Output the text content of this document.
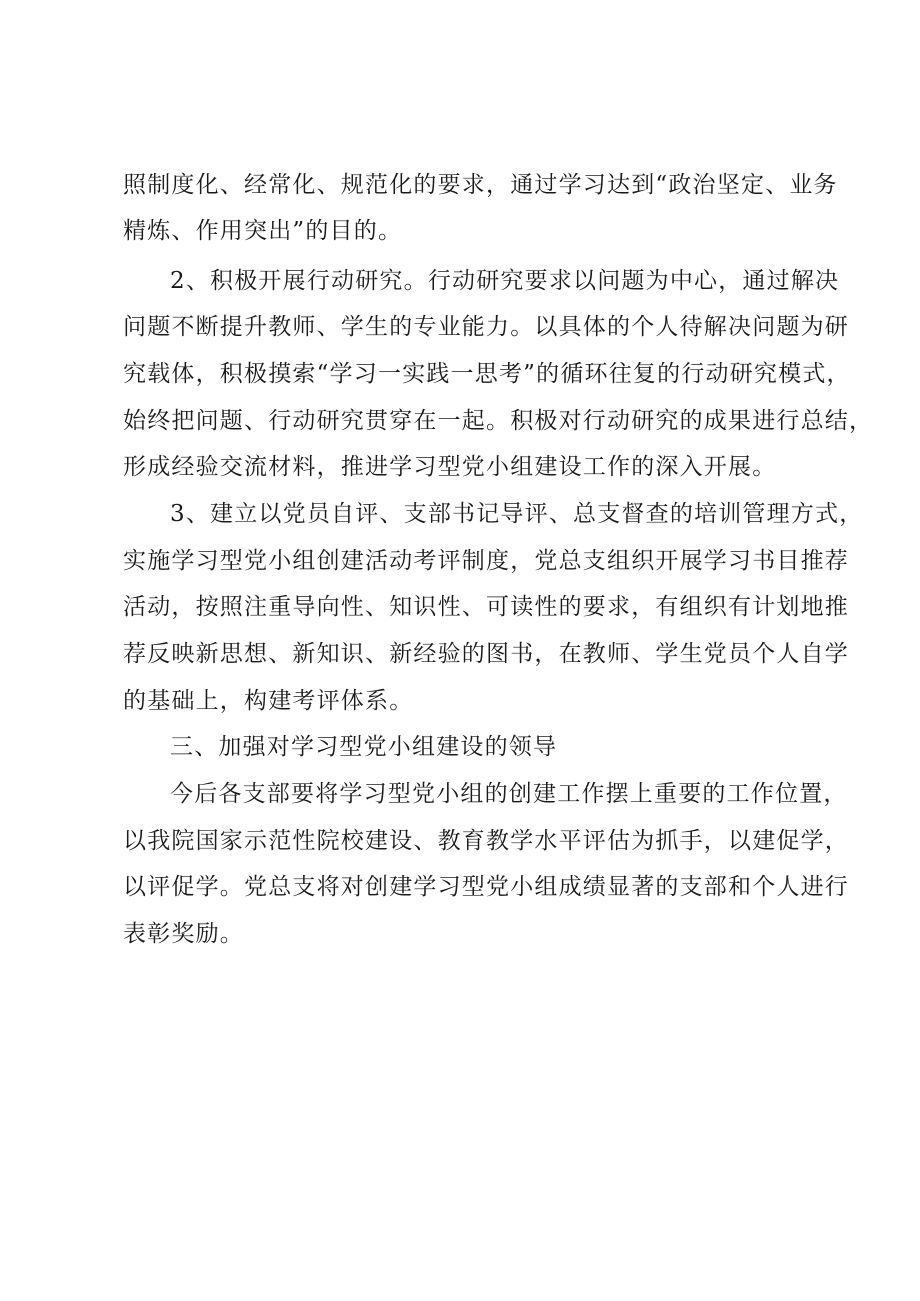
照制度化、经常化、规范化的要求，通过学习达到“政治坚定、业务
精炼、作用突出”的目的。
2、积极开展行动研究。行动研究要求以问题为中心，通过解决
问题不断提升教师、学生的专业能力。以具体的个人待解决问题为研
究载体，积极摸索“学习一实践一思考”的循环往复的行动研究模式，
始终把问题、行动研究贯穿在一起。积极对行动研究的成果进行总结，
形成经验交流材料，推进学习型党小组建设工作的深入开展。
3、建立以党员自评、支部书记导评、总支督查的培训管理方式，
实施学习型党小组创建活动考评制度，党总支组织开展学习书目推荐
活动，按照注重导向性、知识性、可读性的要求，有组织有计划地推
荐反映新思想、新知识、新经验的图书，在教师、学生党员个人自学
的基础上，构建考评体系。
三、加强对学习型党小组建设的领导
今后各支部要将学习型党小组的创建工作摆上重要的工作位置，
以我院国家示范性院校建设、教育教学水平评估为抓手，以建促学，
以评促学。党总支将对创建学习型党小组成绩显著的支部和个人进行
表彰奖励。
